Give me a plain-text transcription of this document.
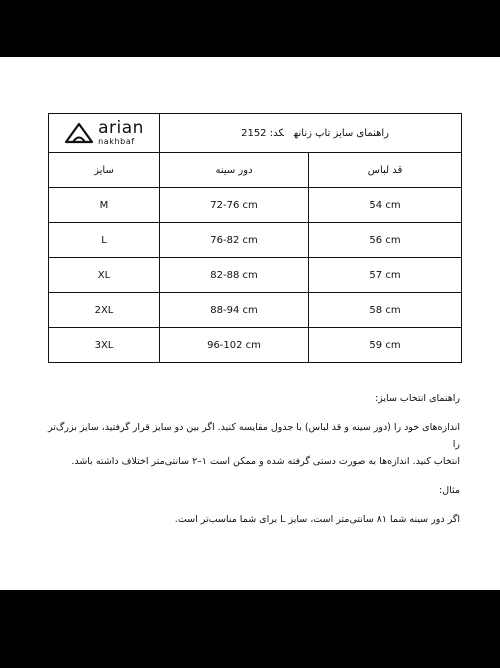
arian
nakhbaf	راهنمای سایز تاپ زنانهکد: 2152	
سایز	دور سینه	قد لباس
M	72-76 cm	54 cm
L	76-82 cm	56 cm
XL	82-88 cm	57 cm
2XL	88-94 cm	58 cm
3XL	96-102 cm	59 cm

راهنمای انتخاب سایز:

اندازه‌های خود را (دور سینه و قد لباس) با جدول مقایسه کنید. اگر بین دو سایز قرار گرفتید، سایز بزرگ‌تر را

انتخاب کنید. اندازه‌ها به صورت دستی گرفته شده و ممکن است ۱–۲ سانتی‌متر اختلاف داشته باشد.

مثال:

اگر دور سینه شما ۸۱ سانتی‌متر است، سایز L برای شما مناسب‌تر است.
